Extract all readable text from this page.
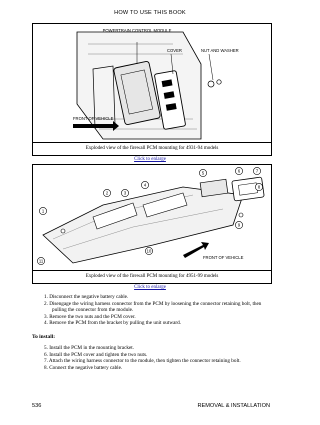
HOW TO USE THIS BOOK
POWERTRAIN CONTROL MODULE
COVER	NUT AND WASHER
FRONT OF VEHICLE
Exploded view of the firewall PCM mounting for 4931-94 models
Click to enlarge
1
2	3
4
5	6	7
8
9
10
11
FRONT OF VEHICLE
Exploded view of the firewall PCM mounting for 4951-99 models
Click to enlarge
1. Disconnect the negative battery cable.
2. Disengage the wiring harness connector from the PCM by loosening the connector retaining bolt, then pulling the connector from the module.
3. Remove the two nuts and the PCM cover.
4. Remove the PCM from the bracket by pulling the unit outward.
To install:
5. Install the PCM in the mounting bracket.
6. Install the PCM cover and tighten the two nuts.
7. Attach the wiring harness connector to the module, then tighten the connector retaining bolt.
8. Connect the negative battery cable.
536	REMOVAL & INSTALLATION
